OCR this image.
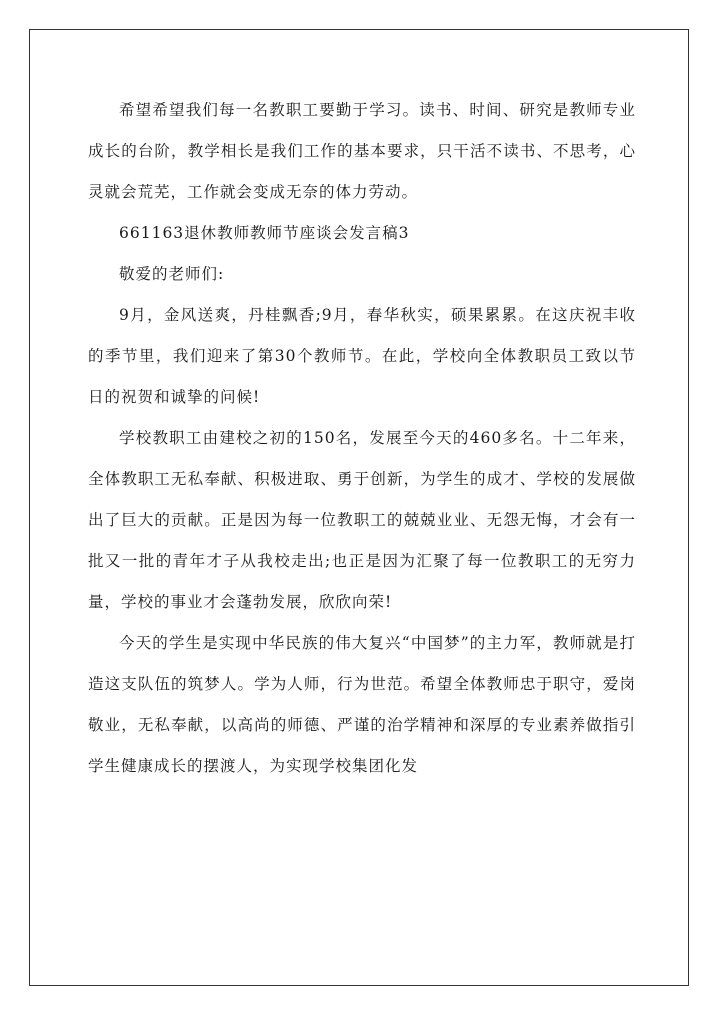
希望希望我们每一名教职工要勤于学习。读书、时间、研究是教师专业成长的台阶，教学相长是我们工作的基本要求，只干活不读书、不思考，心灵就会荒芜，工作就会变成无奈的体力劳动。

661163退休教师教师节座谈会发言稿3

敬爱的老师们:

9月，金风送爽，丹桂飘香;9月，春华秋实，硕果累累。在这庆祝丰收的季节里，我们迎来了第30个教师节。在此，学校向全体教职员工致以节日的祝贺和诚挚的问候!

学校教职工由建校之初的150名，发展至今天的460多名。十二年来，全体教职工无私奉献、积极进取、勇于创新，为学生的成才、学校的发展做出了巨大的贡献。正是因为每一位教职工的兢兢业业、无怨无悔，才会有一批又一批的青年才子从我校走出;也正是因为汇聚了每一位教职工的无穷力量，学校的事业才会蓬勃发展，欣欣向荣!

今天的学生是实现中华民族的伟大复兴“中国梦”的主力军，教师就是打造这支队伍的筑梦人。学为人师，行为世范。希望全体教师忠于职守，爱岗敬业，无私奉献，以高尚的师德、严谨的治学精神和深厚的专业素养做指引学生健康成长的摆渡人，为实现学校集团化发
